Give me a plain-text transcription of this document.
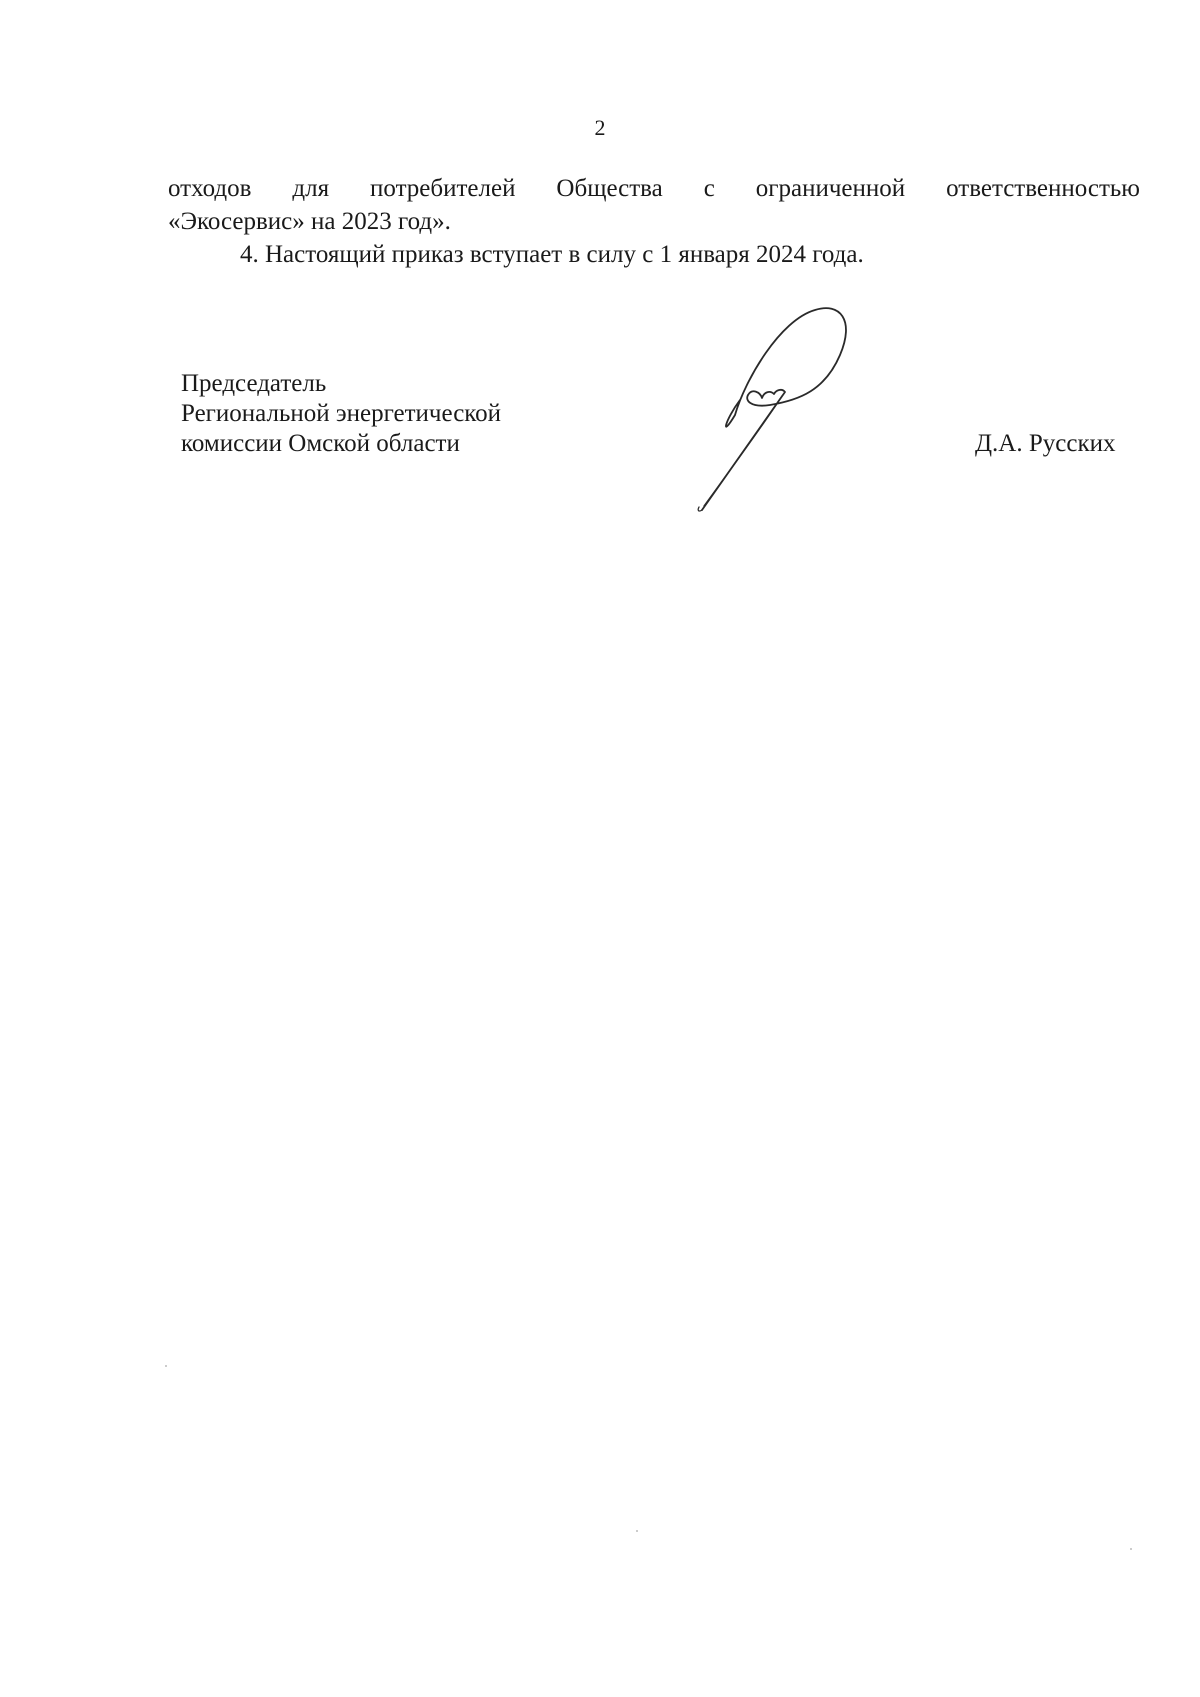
2
отходов для потребителей Общества с ограниченной ответственностью
«Экосервис» на 2023 год».
4. Настоящий приказ вступает в силу с 1 января 2024 года.
Председатель
Региональной энергетической
комиссии Омской области	Д.А. Русских
